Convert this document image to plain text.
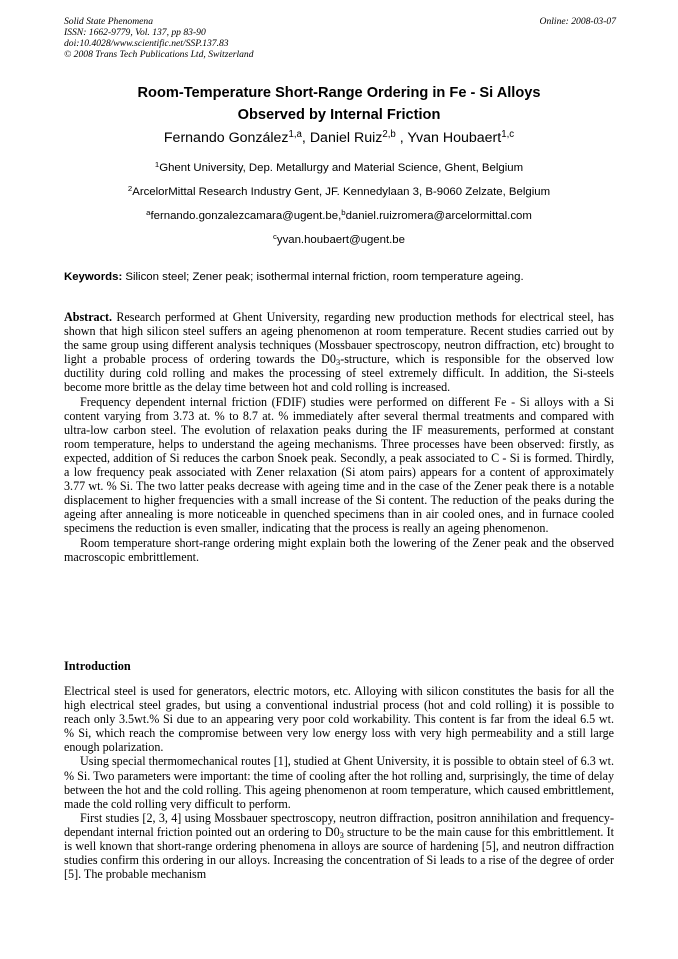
Solid State Phenomena
ISSN: 1662-9779, Vol. 137, pp 83-90
doi:10.4028/www.scientific.net/SSP.137.83
© 2008 Trans Tech Publications Ltd, Switzerland
Online: 2008-03-07
Room-Temperature Short-Range Ordering in Fe - Si Alloys
Observed by Internal Friction
Fernando González$^{1,a}$, Daniel Ruiz$^{2,b}$ , Yvan Houbaert$^{1,c}$
$^1$Ghent University, Dep. Metallurgy and Material Science, Ghent, Belgium
$^2$ArcelorMittal Research Industry Gent, JF. Kennedylaan 3, B-9060 Zelzate, Belgium
$^a$fernando.gonzalezcamara@ugent.be,$^b$daniel.ruizromera@arcelormittal.com
$^c$yvan.houbaert@ugent.be
Keywords: Silicon steel; Zener peak; isothermal internal friction, room temperature ageing.

Abstract. Research performed at Ghent University, regarding new production methods for electrical steel, has shown that high silicon steel suffers an ageing phenomenon at room temperature. Recent studies carried out by the same group using different analysis techniques (Mossbauer spectroscopy, neutron diffraction, etc) brought to light a probable process of ordering towards the $D0_3$-structure, which is responsible for the observed low ductility during cold rolling and makes the processing of steel extremely difficult. In addition, the Si-steels become more brittle as the delay time between hot and cold rolling is increased.

Frequency dependent internal friction (FDIF) studies were performed on different Fe - Si alloys with a Si content varying from 3.73 at. % to 8.7 at. % immediately after several thermal treatments and compared with ultra-low carbon steel. The evolution of relaxation peaks during the IF measurements, performed at constant room temperature, helps to understand the ageing mechanisms. Three processes have been observed: firstly, as expected, addition of Si reduces the carbon Snoek peak. Secondly, a peak associated to C - Si is formed. Thirdly, a low frequency peak associated with Zener relaxation (Si atom pairs) appears for a content of approximately 3.77 wt. % Si. The two latter peaks decrease with ageing time and in the case of the Zener peak there is a notable displacement to higher frequencies with a small increase of the Si content. The reduction of the peaks during the ageing after annealing is more noticeable in quenched specimens than in air cooled ones, and in furnace cooled specimens the reduction is even smaller, indicating that the process is really an ageing phenomenon.

Room temperature short-range ordering might explain both the lowering of the Zener peak and the observed macroscopic embrittlement.

Introduction

Electrical steel is used for generators, electric motors, etc. Alloying with silicon constitutes the basis for all the high electrical steel grades, but using a conventional industrial process (hot and cold rolling) it is possible to reach only 3.5wt.% Si due to an appearing very poor cold workability. This content is far from the ideal 6.5 wt. % Si, which reach the compromise between very low energy loss with very high permeability and a still large enough polarization.

Using special thermomechanical routes [1], studied at Ghent University, it is possible to obtain steel of 6.3 wt. % Si. Two parameters were important: the time of cooling after the hot rolling and, surprisingly, the time of delay between the hot and the cold rolling. This ageing phenomenon at room temperature, which caused embrittlement, made the cold rolling very difficult to perform.

First studies [2, 3, 4] using Mossbauer spectroscopy, neutron diffraction, positron annihilation and frequency-dependant internal friction pointed out an ordering to $D0_3$ structure to be the main cause for this embrittlement. It is well known that short-range ordering phenomena in alloys are source of hardening [5], and neutron diffraction studies confirm this ordering in our alloys. Increasing the concentration of Si leads to a rise of the degree of order [5]. The probable mechanism
